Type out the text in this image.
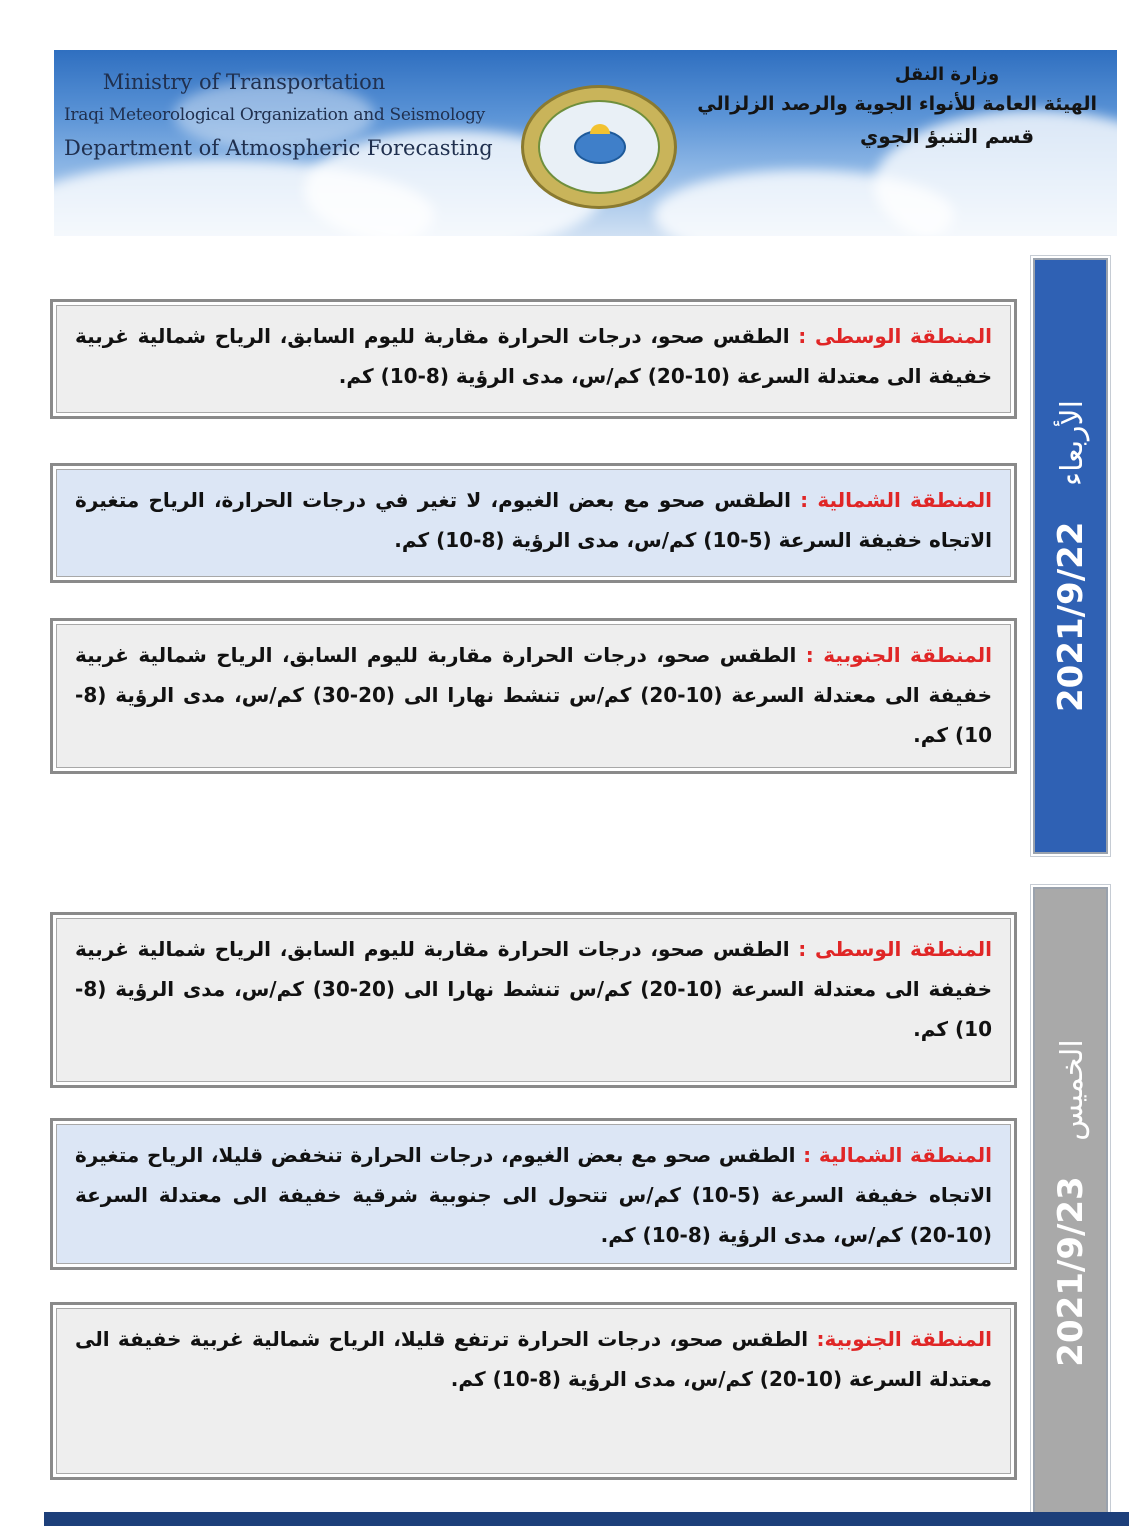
Ministry of Transportation
Iraqi Meteorological Organization and Seismology
Department of Atmospheric Forecasting
وزارة النقل
الهيئة العامة للأنواء الجوية والرصد الزلزالي
قسم التنبؤ الجوي
الأربعاء   2021/9/22
الخميس   2021/9/23
المنطقة الوسطى : الطقس صحو، درجات الحرارة مقاربة لليوم السابق، الرياح شمالية غربية خفيفة الى معتدلة السرعة (10-20) كم/س، مدى الرؤية (8-10) كم.
المنطقة الشمالية : الطقس صحو مع بعض الغيوم، لا تغير في درجات الحرارة، الرياح متغيرة الاتجاه خفيفة السرعة (5-10) كم/س، مدى الرؤية (8-10) كم.
المنطقة الجنوبية : الطقس صحو، درجات الحرارة مقاربة لليوم السابق، الرياح شمالية غربية خفيفة الى معتدلة السرعة (10-20) كم/س تنشط نهارا الى (20-30) كم/س، مدى الرؤية (8-10) كم.
المنطقة الوسطى : الطقس صحو، درجات الحرارة مقاربة لليوم السابق، الرياح شمالية غربية خفيفة الى معتدلة السرعة (10-20) كم/س تنشط نهارا الى (20-30) كم/س، مدى الرؤية (8-10) كم.
المنطقة الشمالية : الطقس صحو مع بعض الغيوم، درجات الحرارة تنخفض قليلا، الرياح متغيرة الاتجاه خفيفة السرعة (5-10) كم/س تتحول الى جنوبية شرقية خفيفة الى معتدلة السرعة (10-20) كم/س، مدى الرؤية (8-10) كم.
المنطقة الجنوبية: الطقس صحو، درجات الحرارة ترتفع قليلا، الرياح شمالية غربية خفيفة الى معتدلة السرعة (10-20) كم/س، مدى الرؤية (8-10) كم.
